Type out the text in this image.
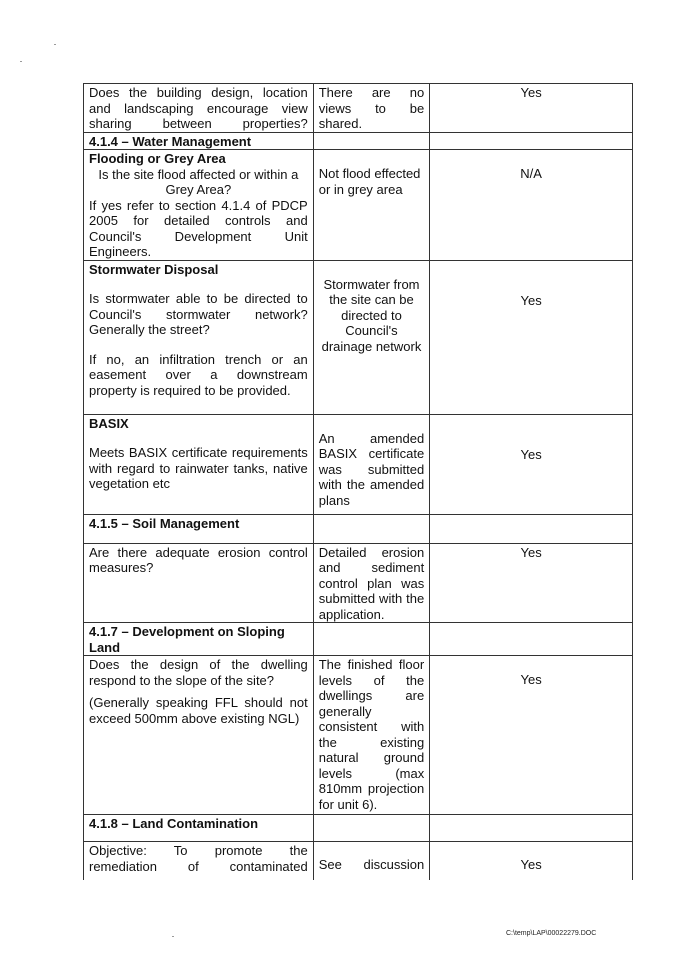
Does the building design, location and landscaping encourage view sharing between properties?	There are no views to be shared.	Yes
4.1.4 – Water Management		

Flooding or Grey Area
Is the site flood affected or within a Grey Area?
If yes refer to section 4.1.4 of PDCP 2005 for detailed controls and Council's Development Unit Engineers.	Not flood effected or in grey area	N/A

Stormwater Disposal
Is stormwater able to be directed to Council's stormwater network? Generally the street?
If no, an infiltration trench or an easement over a downstream property is required to be provided.	Stormwater from the site can be directed to Council's drainage network	Yes

BASIX
Meets BASIX certificate requirements with regard to rainwater tanks, native vegetation etc	An amended BASIX certificate was submitted with the amended plans	Yes

4.1.5 – Soil Management		
Are there adequate erosion control measures?	Detailed erosion and sediment control plan was submitted with the application.	Yes
4.1.7 – Development on Sloping Land		

Does the design of the dwelling respond to the slope of the site?
(Generally speaking FFL should not exceed 500mm above existing NGL)	The finished floor levels of the dwellings are generally consistent with the existing natural ground levels (max 810mm projection for unit 6).	Yes

4.1.8 – Land Contamination		
Objective: To promote the remediation of contaminated	See discussion	Yes
C:\temp\LAP\00022279.DOC
